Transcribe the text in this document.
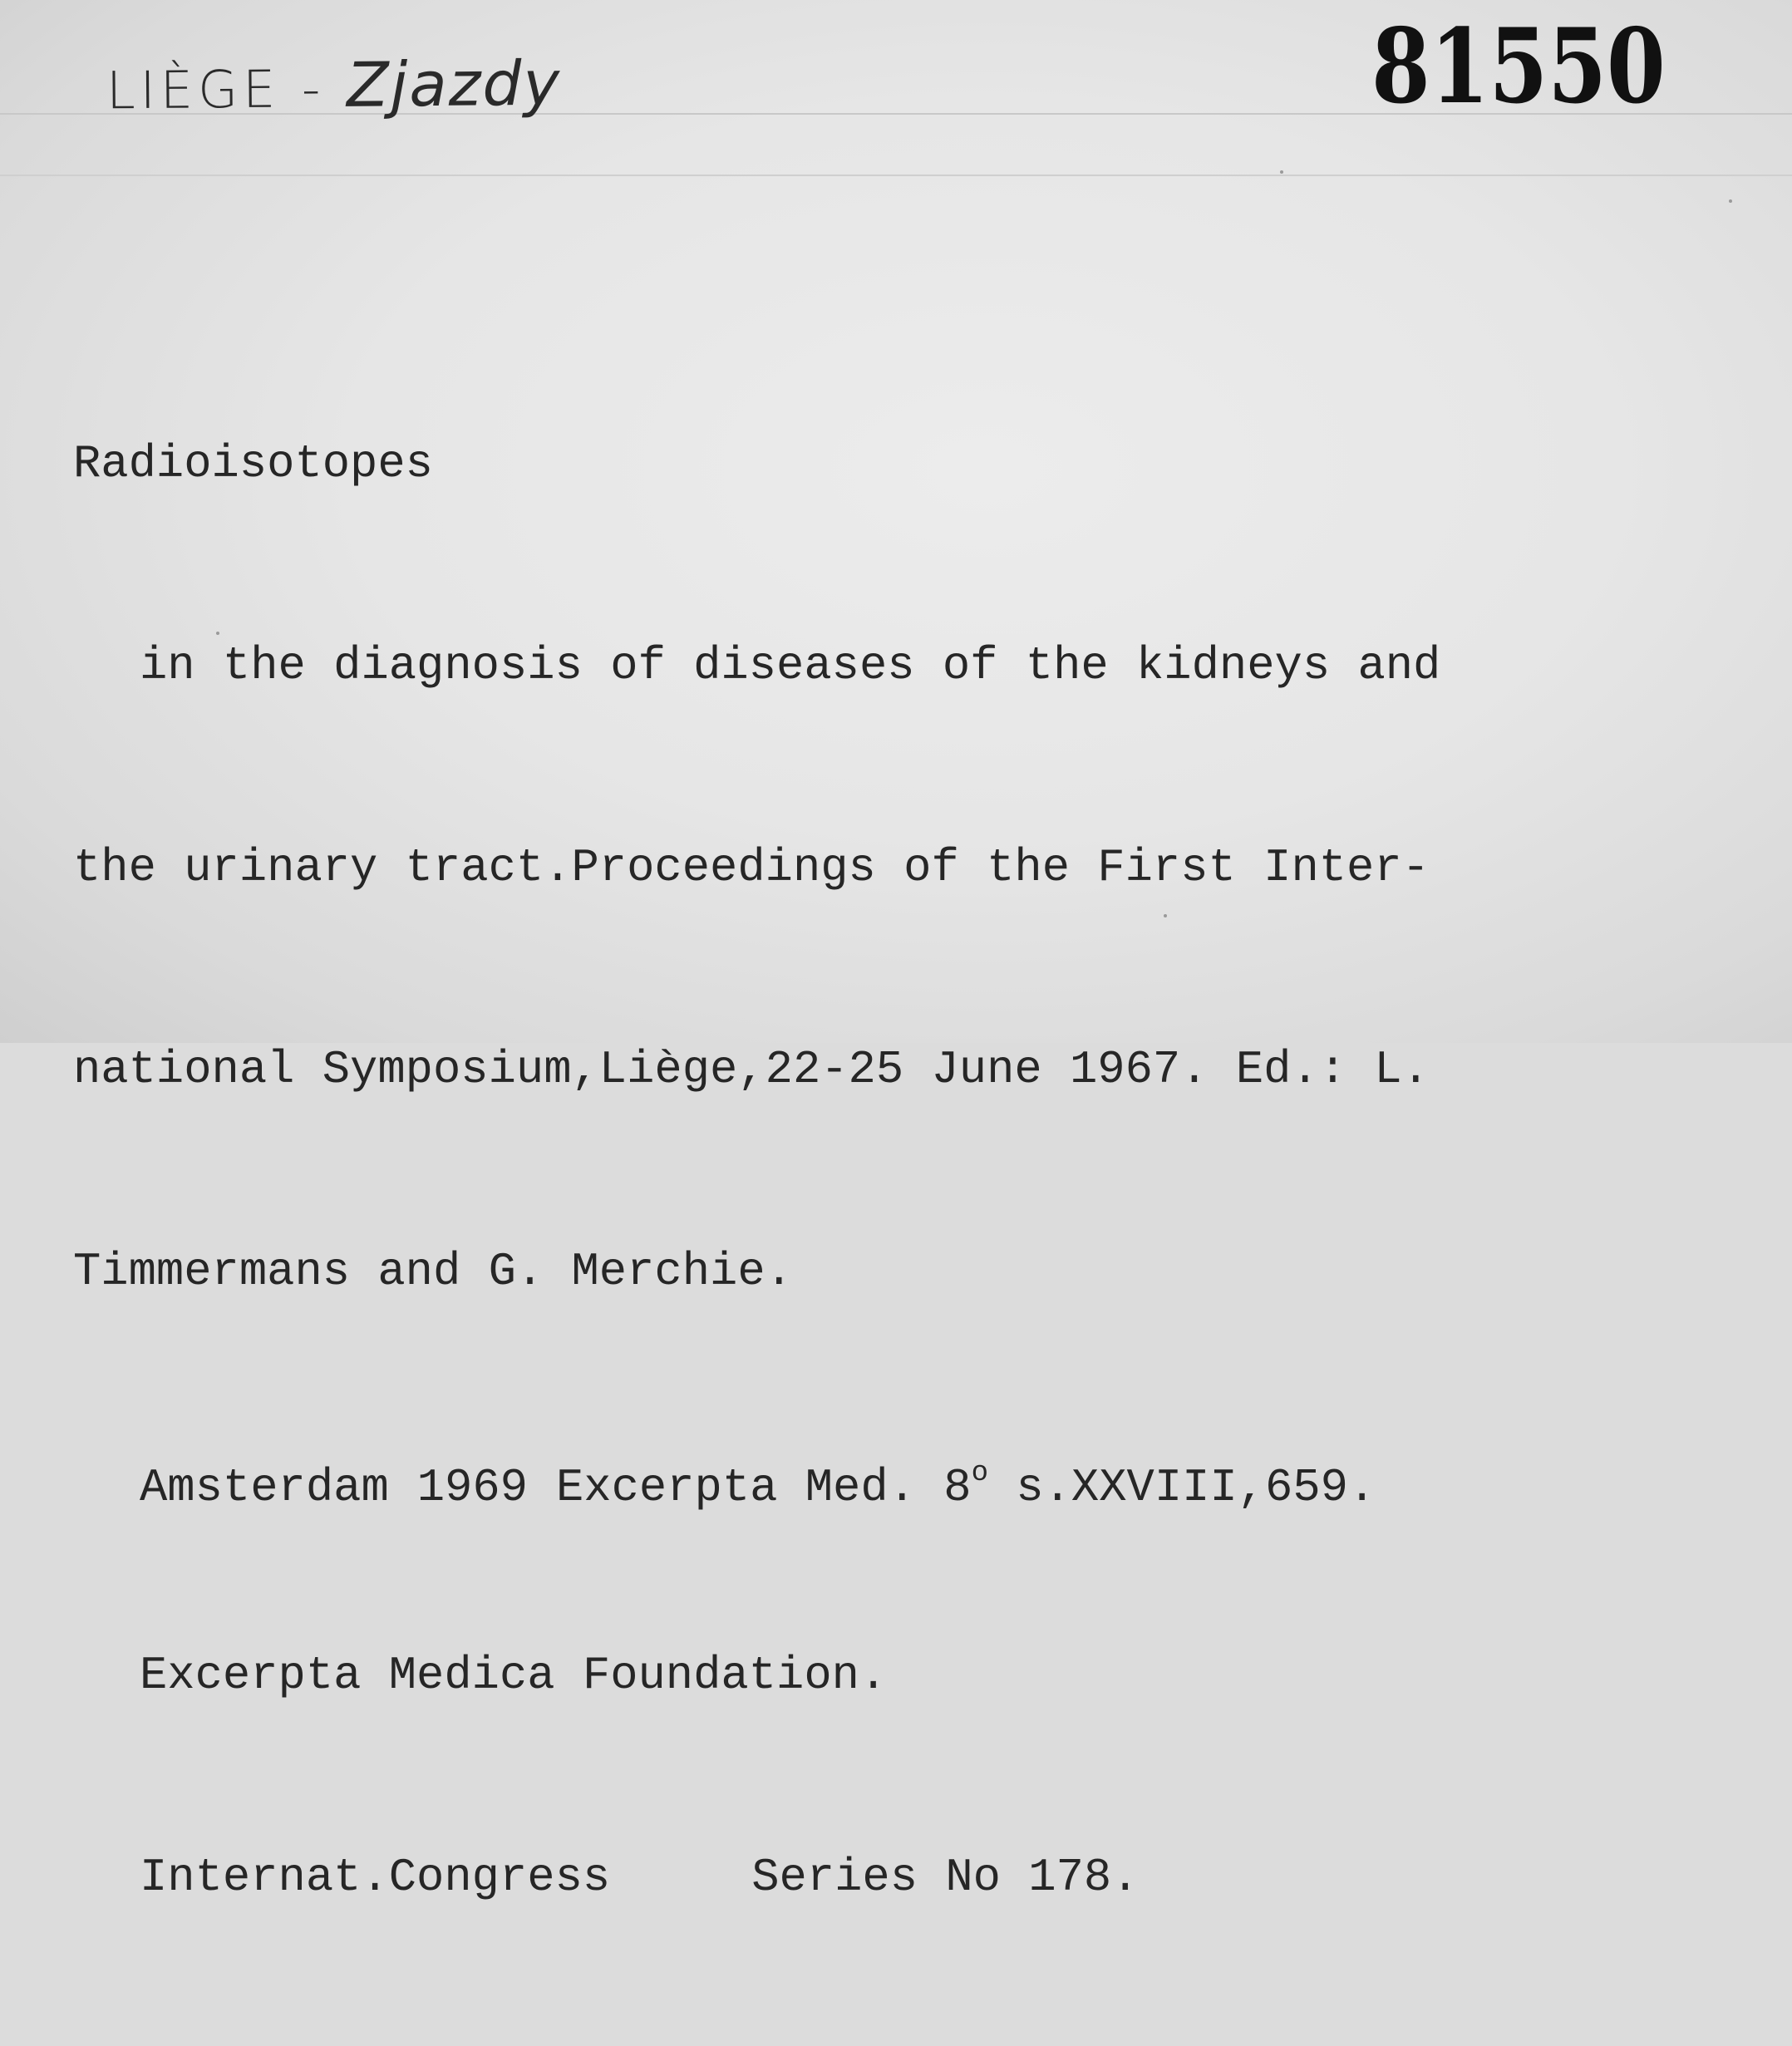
LIÈGE - Zjazdy	81550

Radioisotopes

in the diagnosis of diseases of the kidneys and

the urinary tract.Proceedings of the First Inter-

national Symposium,Liège,22-25 June 1967. Ed.: L.

Timmermans and G. Merchie.

Amsterdam 1969 Excerpta Med. 8$^o$ s.XXVIII,659.

Excerpta Medica Foundation.

Internat.Congress	Series No 178.
